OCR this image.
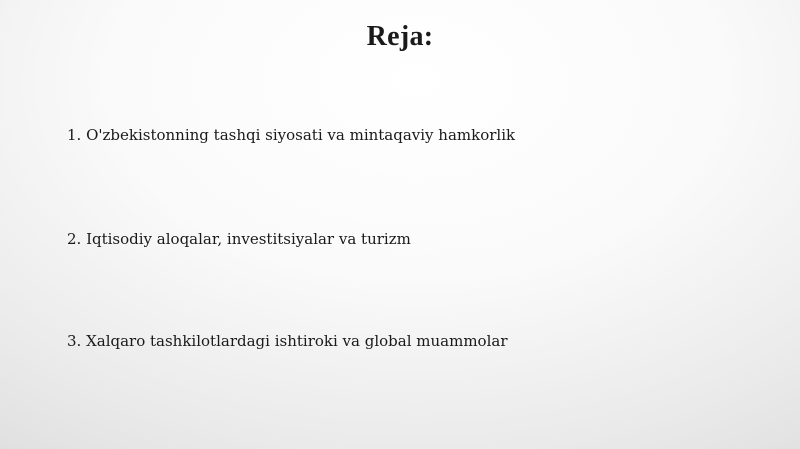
Reja:
1. O'zbekistonning tashqi siyosati va mintaqaviy hamkorlik
2. Iqtisodiy aloqalar, investitsiyalar va turizm
3. Xalqaro tashkilotlardagi ishtiroki va global muammolar
